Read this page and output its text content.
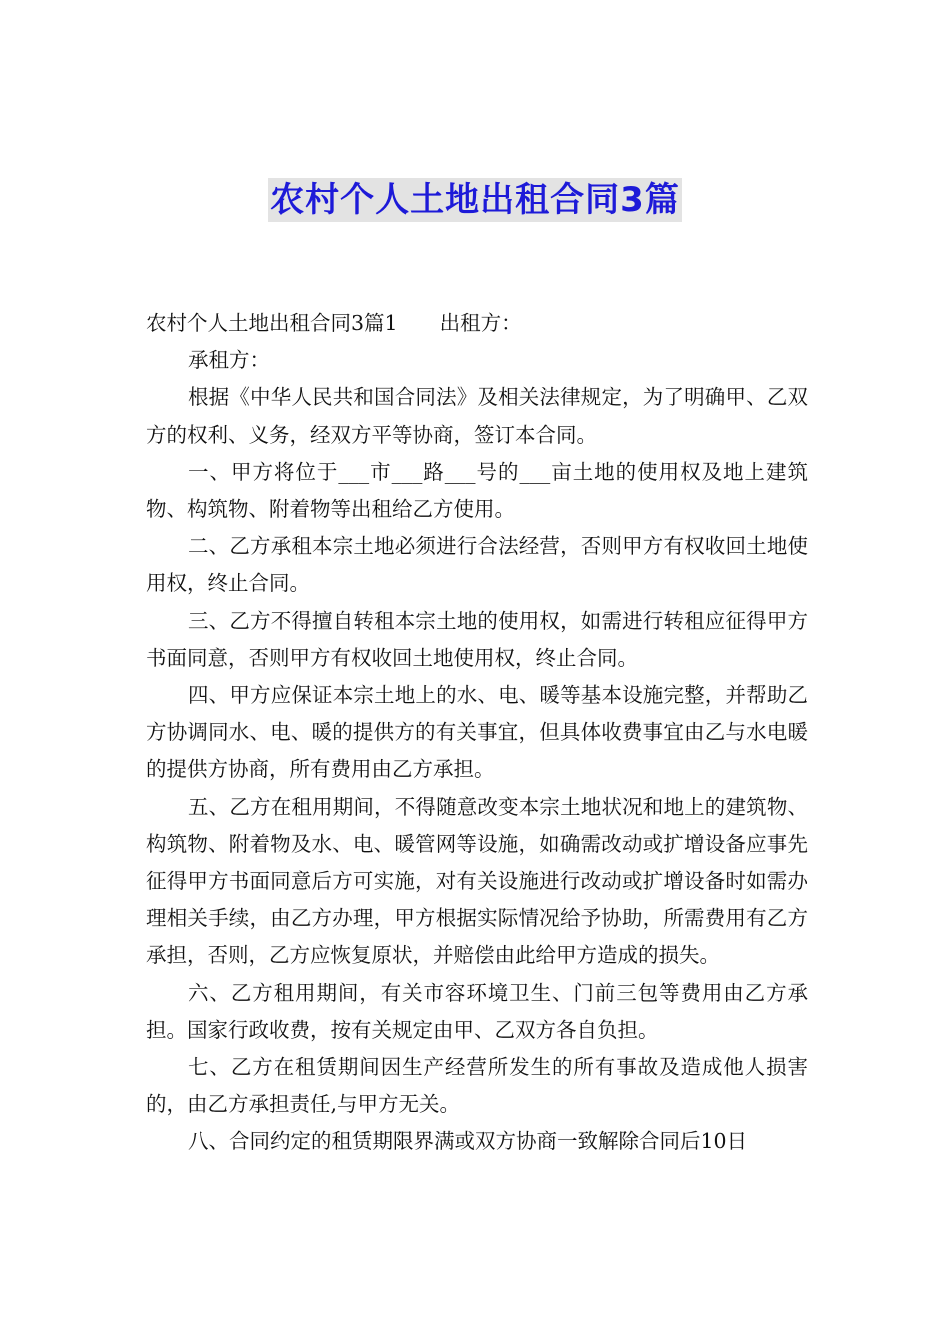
农村个人土地出租合同3篇

农村个人土地出租合同3篇1 出租方：

承租方：

根据《中华人民共和国合同法》及相关法律规定，为了明确甲、乙双方的权利、义务，经双方平等协商，签订本合同。

一、甲方将位于___市___路___号的___亩土地的使用权及地上建筑物、构筑物、附着物等出租给乙方使用。

二、乙方承租本宗土地必须进行合法经营，否则甲方有权收回土地使用权，终止合同。

三、乙方不得擅自转租本宗土地的使用权，如需进行转租应征得甲方书面同意，否则甲方有权收回土地使用权，终止合同。

四、甲方应保证本宗土地上的水、电、暖等基本设施完整，并帮助乙方协调同水、电、暖的提供方的有关事宜，但具体收费事宜由乙与水电暖的提供方协商，所有费用由乙方承担。

五、乙方在租用期间，不得随意改变本宗土地状况和地上的建筑物、构筑物、附着物及水、电、暖管网等设施，如确需改动或扩增设备应事先征得甲方书面同意后方可实施，对有关设施进行改动或扩增设备时如需办理相关手续，由乙方办理，甲方根据实际情况给予协助，所需费用有乙方承担，否则，乙方应恢复原状，并赔偿由此给甲方造成的损失。

六、乙方租用期间，有关市容环境卫生、门前三包等费用由乙方承担。国家行政收费，按有关规定由甲、乙双方各自负担。

七、乙方在租赁期间因生产经营所发生的所有事故及造成他人损害的，由乙方承担责任,与甲方无关。

八、合同约定的租赁期限界满或双方协商一致解除合同后10日
